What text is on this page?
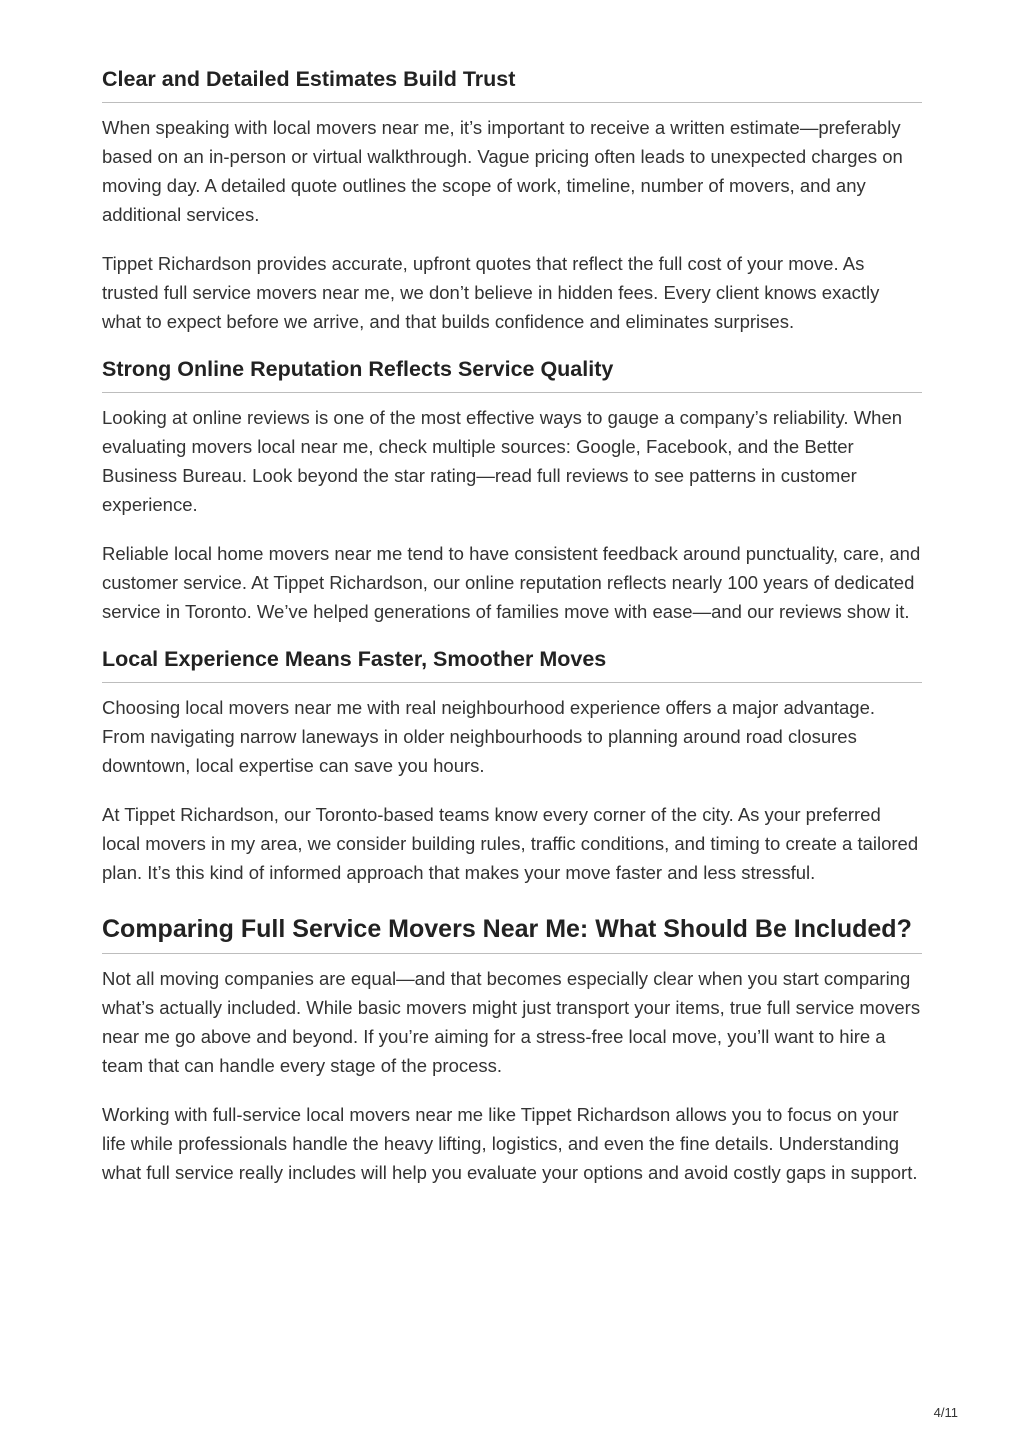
Clear and Detailed Estimates Build Trust

When speaking with local movers near me, it’s important to receive a written estimate—preferably based on an in-person or virtual walkthrough. Vague pricing often leads to unexpected charges on moving day. A detailed quote outlines the scope of work, timeline, number of movers, and any additional services.

Tippet Richardson provides accurate, upfront quotes that reflect the full cost of your move. As trusted full service movers near me, we don’t believe in hidden fees. Every client knows exactly what to expect before we arrive, and that builds confidence and eliminates surprises.

Strong Online Reputation Reflects Service Quality

Looking at online reviews is one of the most effective ways to gauge a company’s reliability. When evaluating movers local near me, check multiple sources: Google, Facebook, and the Better Business Bureau. Look beyond the star rating—read full reviews to see patterns in customer experience.

Reliable local home movers near me tend to have consistent feedback around punctuality, care, and customer service. At Tippet Richardson, our online reputation reflects nearly 100 years of dedicated service in Toronto. We’ve helped generations of families move with ease—and our reviews show it.

Local Experience Means Faster, Smoother Moves

Choosing local movers near me with real neighbourhood experience offers a major advantage. From navigating narrow laneways in older neighbourhoods to planning around road closures downtown, local expertise can save you hours.

At Tippet Richardson, our Toronto-based teams know every corner of the city. As your preferred local movers in my area, we consider building rules, traffic conditions, and timing to create a tailored plan. It’s this kind of informed approach that makes your move faster and less stressful.

Comparing Full Service Movers Near Me: What Should Be Included?

Not all moving companies are equal—and that becomes especially clear when you start comparing what’s actually included. While basic movers might just transport your items, true full service movers near me go above and beyond. If you’re aiming for a stress-free local move, you’ll want to hire a team that can handle every stage of the process.

Working with full-service local movers near me like Tippet Richardson allows you to focus on your life while professionals handle the heavy lifting, logistics, and even the fine details. Understanding what full service really includes will help you evaluate your options and avoid costly gaps in support.

4/11
